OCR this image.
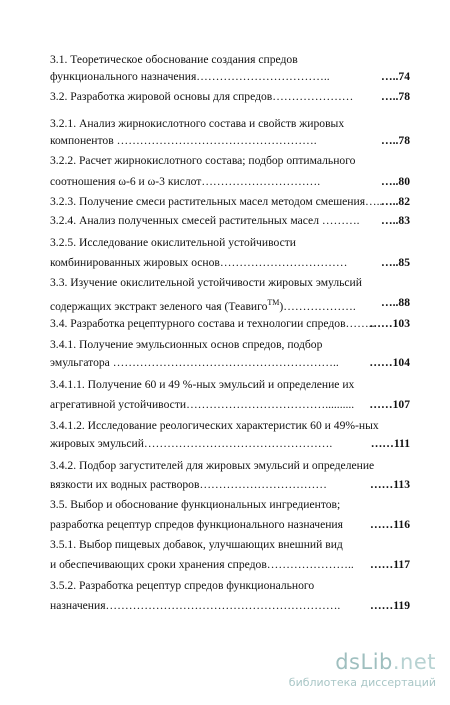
3.1. Теоретическое обоснование создания спредов
функционального назначения……………………………..	…..74
3.2. Разработка жировой основы для спредов………………… …..78
3.2.1. Анализ жирнокислотного состава и свойств жировых
компонентов …………………………………………….	…..78
3.2.2. Расчет жирнокислотного состава; подбор оптимального
соотношения ω-6 и ω-3 кислот………………………….	…..80
3.2.3. Получение смеси растительных масел методом смешения…..
…..82
3.2.4. Анализ полученных смесей растительных масел ………. …..83
3.2.5. Исследование окислительной устойчивости
комбинированных жировых основ……………………………	…..85
3.3. Изучение окислительной устойчивости жировых эмульсий
содержащих экстракт зеленого чая (Теавиго™)………………. …..88
3.4. Разработка рецептурного состава и технологии спредов……..
……103
3.4.1. Получение эмульсионных основ спредов, подбор
эмульгатора …………………………………………………..	……104
3.4.1.1. Получение 60 и 49 %-ных эмульсий и определение их
агрегативной устойчивости……………………………….......... ……107
3.4.1.2. Исследование реологических характеристик 60 и 49%-ных
жировых эмульсий………………………………………….	……111
3.4.2. Подбор загустителей для жировых эмульсий и определение
вязкости их водных растворов……………………………	……113
3.5. Выбор и обоснование функциональных ингредиентов;
разработка рецептур спредов функционального назначения ……116
3.5.1. Выбор пищевых добавок, улучшающих внешний вид
и обеспечивающих сроки хранения спредов………………….. ……117
3.5.2. Разработка рецептур спредов функционального
назначения…………………………………………………….	……119
dsLib.net
библиотека диссертаций
